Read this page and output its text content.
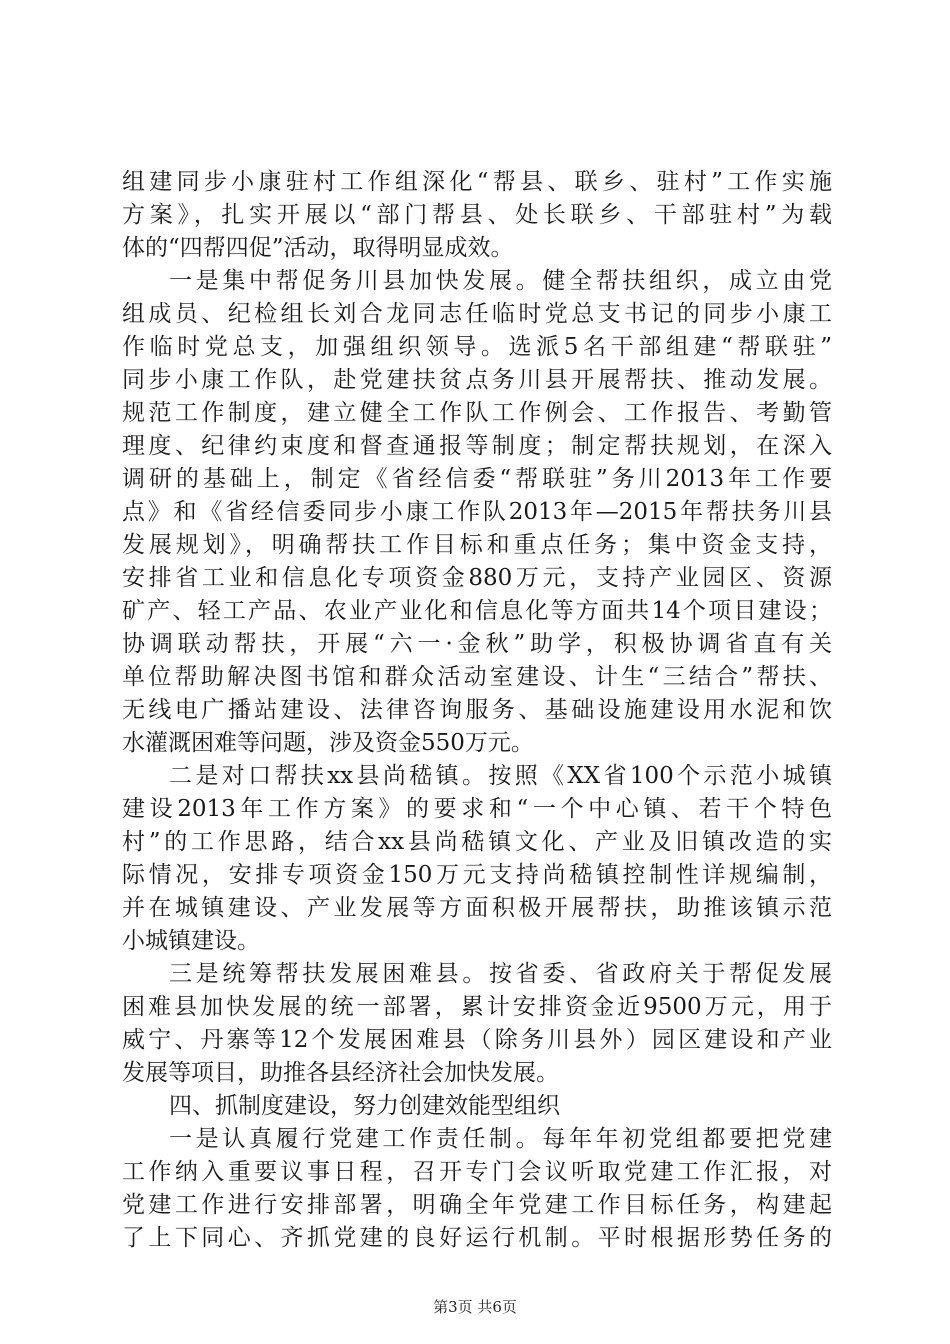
组建同步小康驻村工作组深化“帮县、联乡、驻村”工作实施
方案》，扎实开展以“部门帮县、处长联乡、干部驻村”为载
体的“四帮四促”活动，取得明显成效。
一是集中帮促务川县加快发展。健全帮扶组织，成立由党
组成员、纪检组长刘合龙同志任临时党总支书记的同步小康工
作临时党总支，加强组织领导。选派5名干部组建“帮联驻”
同步小康工作队，赴党建扶贫点务川县开展帮扶、推动发展。
规范工作制度，建立健全工作队工作例会、工作报告、考勤管
理度、纪律约束度和督查通报等制度；制定帮扶规划，在深入
调研的基础上，制定《省经信委“帮联驻”务川2013年工作要
点》和《省经信委同步小康工作队2013年—2015年帮扶务川县
发展规划》，明确帮扶工作目标和重点任务；集中资金支持，
安排省工业和信息化专项资金880万元，支持产业园区、资源
矿产、轻工产品、农业产业化和信息化等方面共14个项目建设；
协调联动帮扶，开展“六一·金秋”助学，积极协调省直有关
单位帮助解决图书馆和群众活动室建设、计生“三结合”帮扶、
无线电广播站建设、法律咨询服务、基础设施建设用水泥和饮
水灌溉困难等问题，涉及资金550万元。
二是对口帮扶xx县尚嵇镇。按照《XX省100个示范小城镇
建设2013年工作方案》的要求和“一个中心镇、若干个特色
村”的工作思路，结合xx县尚嵇镇文化、产业及旧镇改造的实
际情况，安排专项资金150万元支持尚嵇镇控制性详规编制，
并在城镇建设、产业发展等方面积极开展帮扶，助推该镇示范
小城镇建设。
三是统筹帮扶发展困难县。按省委、省政府关于帮促发展
困难县加快发展的统一部署，累计安排资金近9500万元，用于
威宁、丹寨等12个发展困难县（除务川县外）园区建设和产业
发展等项目，助推各县经济社会加快发展。
四、抓制度建设，努力创建效能型组织
一是认真履行党建工作责任制。每年年初党组都要把党建
工作纳入重要议事日程，召开专门会议听取党建工作汇报，对
党建工作进行安排部署，明确全年党建工作目标任务，构建起
了上下同心、齐抓党建的良好运行机制。平时根据形势任务的
第3页 共6页
